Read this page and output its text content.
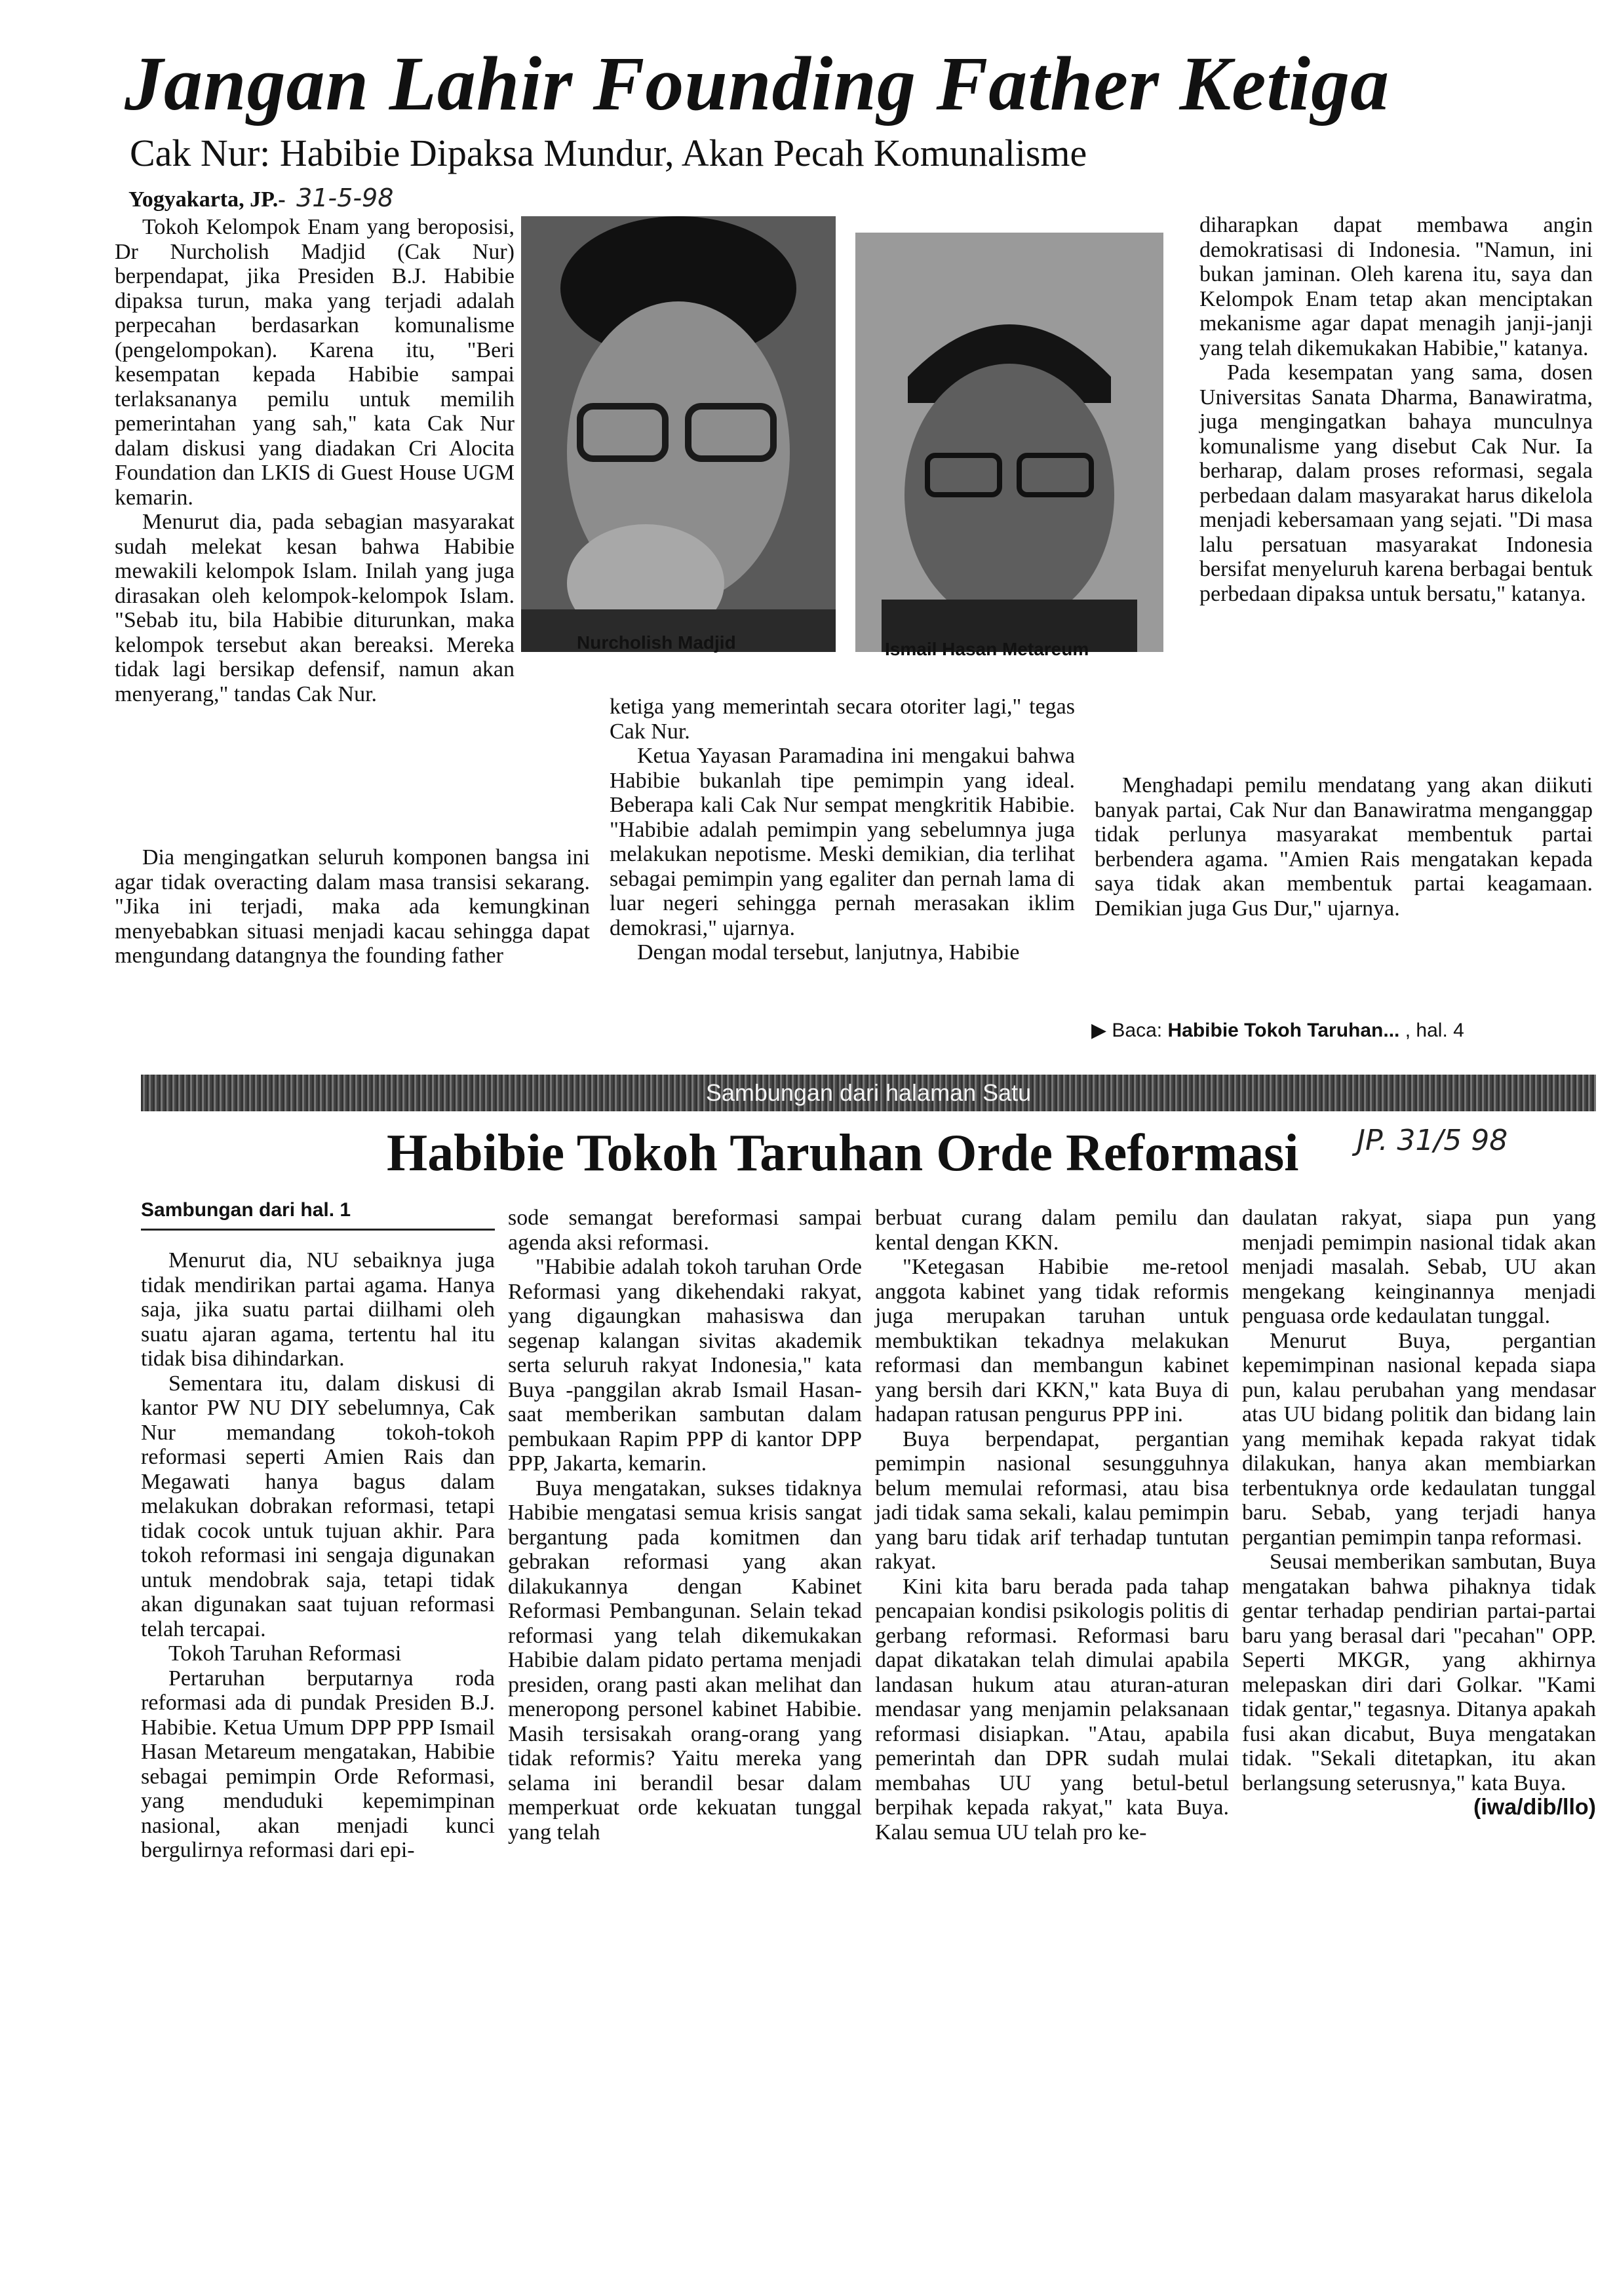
Jangan Lahir Founding Father Ketiga
Cak Nur: Habibie Dipaksa Mundur, Akan Pecah Komunalisme
Yogyakarta, JP.- 31-5-98

Tokoh Kelompok Enam yang beroposisi, Dr Nurcholish Madjid (Cak Nur) berpendapat, jika Presiden B.J. Habibie dipaksa turun, maka yang terjadi adalah perpecahan berdasarkan komunalisme (pengelompokan). Karena itu, "Beri kesempatan kepada Habibie sampai terlaksananya pemilu untuk memilih pemerintahan yang sah," kata Cak Nur dalam diskusi yang diadakan Cri Alocita Foundation dan LKIS di Guest House UGM kemarin.

Menurut dia, pada sebagian masyarakat sudah melekat kesan bahwa Habibie mewakili kelompok Islam. Inilah yang juga dirasakan oleh kelompok-kelompok Islam. "Sebab itu, bila Habibie diturunkan, maka kelompok tersebut akan bereaksi. Mereka tidak lagi bersikap defensif, namun akan menyerang," tandas Cak Nur.

Dia mengingatkan seluruh komponen bangsa ini agar tidak overacting dalam masa transisi sekarang. "Jika ini terjadi, maka ada kemungkinan menyebabkan situasi menjadi kacau sehingga dapat mengundang datangnya the founding father

Nurcholish Madjid	Ismail Hasan Metareum

ketiga yang memerintah secara otoriter lagi," tegas Cak Nur.

Ketua Yayasan Paramadina ini mengakui bahwa Habibie bukanlah tipe pemimpin yang ideal. Beberapa kali Cak Nur sempat mengkritik Habibie. "Habibie adalah pemimpin yang sebelumnya juga melakukan nepotisme. Meski demikian, dia terlihat sebagai pemimpin yang egaliter dan pernah lama di luar negeri sehingga pernah merasakan iklim demokrasi," ujarnya.

Dengan modal tersebut, lanjutnya, Habibie

diharapkan dapat membawa angin demokratisasi di Indonesia. "Namun, ini bukan jaminan. Oleh karena itu, saya dan Kelompok Enam tetap akan menciptakan mekanisme agar dapat menagih janji-janji yang telah dikemukakan Habibie," katanya.

Pada kesempatan yang sama, dosen Universitas Sanata Dharma, Banawiratma, juga mengingatkan bahaya munculnya komunalisme yang disebut Cak Nur. Ia berharap, dalam proses reformasi, segala perbedaan dalam masyarakat harus dikelola menjadi kebersamaan yang sejati. "Di masa lalu persatuan masyarakat Indonesia bersifat menyeluruh karena berbagai bentuk perbedaan dipaksa untuk bersatu," katanya.

Menghadapi pemilu mendatang yang akan diikuti banyak partai, Cak Nur dan Banawiratma menganggap tidak perlunya masyarakat membentuk partai berbendera agama. "Amien Rais mengatakan kepada saya tidak akan membentuk partai keagamaan. Demikian juga Gus Dur," ujarnya.

▶ Baca: Habibie Tokoh Taruhan... , hal. 4
Sambungan dari halaman Satu
Habibie Tokoh Taruhan Orde Reformasi JP. 31/5 98
Sambungan dari hal. 1

Menurut dia, NU sebaiknya juga tidak mendirikan partai agama. Hanya saja, jika suatu partai diilhami oleh suatu ajaran agama, tertentu hal itu tidak bisa dihindarkan.

Sementara itu, dalam diskusi di kantor PW NU DIY sebelumnya, Cak Nur memandang tokoh-tokoh reformasi seperti Amien Rais dan Megawati hanya bagus dalam melakukan dobrakan reformasi, tetapi tidak cocok untuk tujuan akhir. Para tokoh reformasi ini sengaja digunakan untuk mendobrak saja, tetapi tidak akan digunakan saat tujuan reformasi telah tercapai.

Tokoh Taruhan Reformasi

Pertaruhan berputarnya roda reformasi ada di pundak Presiden B.J. Habibie. Ketua Umum DPP PPP Ismail Hasan Metareum mengatakan, Habibie sebagai pemimpin Orde Reformasi, yang menduduki kepemimpinan nasional, akan menjadi kunci bergulirnya reformasi dari epi-

sode semangat bereformasi sampai agenda aksi reformasi.

"Habibie adalah tokoh taruhan Orde Reformasi yang dikehendaki rakyat, yang digaungkan mahasiswa dan segenap kalangan sivitas akademik serta seluruh rakyat Indonesia," kata Buya -panggilan akrab Ismail Hasan- saat memberikan sambutan dalam pembukaan Rapim PPP di kantor DPP PPP, Jakarta, kemarin.

Buya mengatakan, sukses tidaknya Habibie mengatasi semua krisis sangat bergantung pada komitmen dan gebrakan reformasi yang akan dilakukannya dengan Kabinet Reformasi Pembangunan. Selain tekad reformasi yang telah dikemukakan Habibie dalam pidato pertama menjadi presiden, orang pasti akan melihat dan meneropong personel kabinet Habibie. Masih tersisakah orang-orang yang tidak reformis? Yaitu mereka yang selama ini berandil besar dalam memperkuat orde kekuatan tunggal yang telah

berbuat curang dalam pemilu dan kental dengan KKN.

"Ketegasan Habibie me-retool anggota kabinet yang tidak reformis juga merupakan taruhan untuk membuktikan tekadnya melakukan reformasi dan membangun kabinet yang bersih dari KKN," kata Buya di hadapan ratusan pengurus PPP ini.

Buya berpendapat, pergantian pemimpin nasional sesungguhnya belum memulai reformasi, atau bisa jadi tidak sama sekali, kalau pemimpin yang baru tidak arif terhadap tuntutan rakyat.

Kini kita baru berada pada tahap pencapaian kondisi psikologis politis di gerbang reformasi. Reformasi baru dapat dikatakan telah dimulai apabila landasan hukum atau aturan-aturan mendasar yang menjamin pelaksanaan reformasi disiapkan. "Atau, apabila pemerintah dan DPR sudah mulai membahas UU yang betul-betul berpihak kepada rakyat," kata Buya. Kalau semua UU telah pro ke-

daulatan rakyat, siapa pun yang menjadi pemimpin nasional tidak akan menjadi masalah. Sebab, UU akan mengekang keinginannya menjadi penguasa orde kedaulatan tunggal.

Menurut Buya, pergantian kepemimpinan nasional kepada siapa pun, kalau perubahan yang mendasar atas UU bidang politik dan bidang lain yang memihak kepada rakyat tidak dilakukan, hanya akan membiarkan terbentuknya orde kedaulatan tunggal baru. Sebab, yang terjadi hanya pergantian pemimpin tanpa reformasi.

Seusai memberikan sambutan, Buya mengatakan bahwa pihaknya tidak gentar terhadap pendirian partai-partai baru yang berasal dari "pecahan" OPP. Seperti MKGR, yang akhirnya melepaskan diri dari Golkar. "Kami tidak gentar," tegasnya. Ditanya apakah fusi akan dicabut, Buya mengatakan tidak. "Sekali ditetapkan, itu akan berlangsung seterusnya," kata Buya.

(iwa/dib/llo)
